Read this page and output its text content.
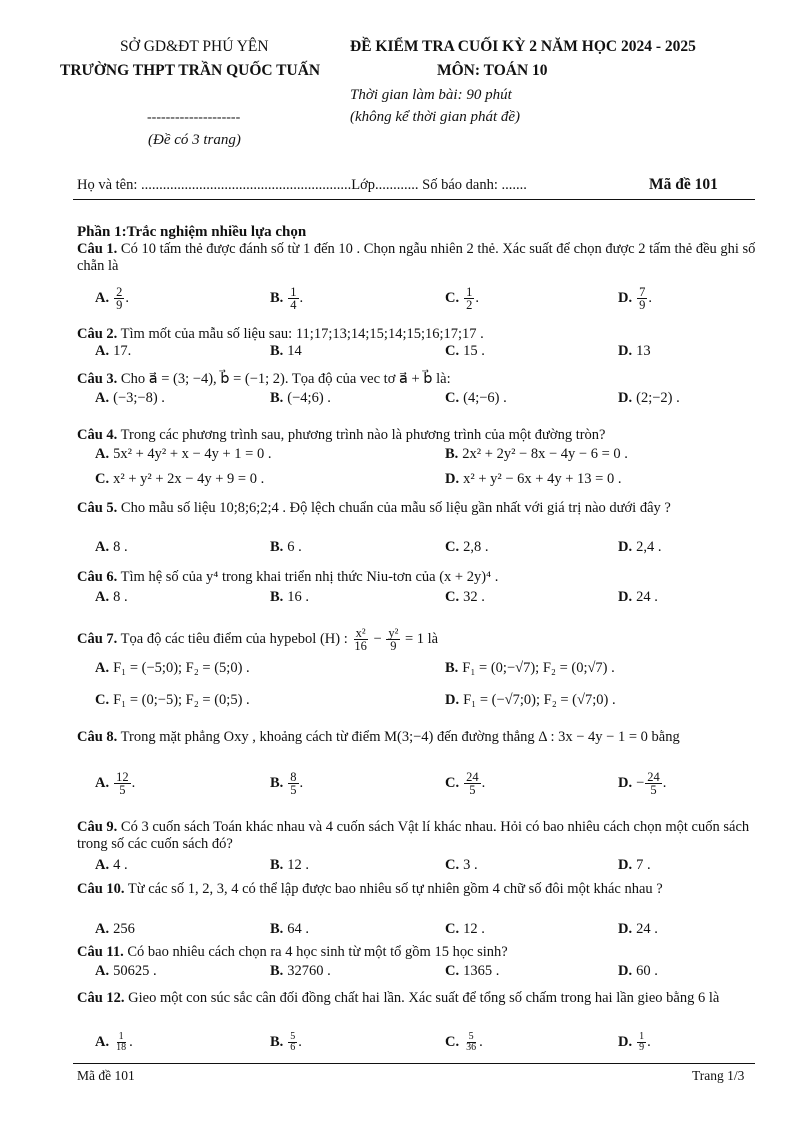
SỞ GD&ĐT PHÚ YÊN
TRƯỜNG THPT TRẦN QUỐC TUẤN
--------------------
(Đề có 3 trang)
ĐỀ KIỂM TRA CUỐI KỲ 2 NĂM HỌC 2024 - 2025
MÔN: TOÁN 10
Thời gian làm bài: 90 phút
(không kể thời gian phát đề)
Họ và tên: ..........................................................Lớp............ Số báo danh: .......	Mã đề 101
Phần 1:Trắc nghiệm nhiều lựa chọn
Câu 1. Có 10 tấm thẻ được đánh số từ 1 đến 10 . Chọn ngẫu nhiên 2 thẻ. Xác suất để chọn được 2 tấm thẻ đều ghi số chẵn là
A. $\frac{2}{9}$ .	B. $\frac{1}{4}$ .	C. $\frac{1}{2}$ .	D. $\frac{7}{9}$ .
Câu 2. Tìm mốt của mẫu số liệu sau: 11;17;13;14;15;14;15;16;17;17 .
A. 17.	B. 14	C. 15 .	D. 13
Câu 3. Cho a⃗ = (3; −4), b⃗ = (−1; 2). Tọa độ của vec tơ a⃗ + b⃗ là:
A. (−3;−8) .	B. (−4;6) .	C. (4;−6) .	D. (2;−2) .
Câu 4. Trong các phương trình sau, phương trình nào là phương trình của một đường tròn?
A. 5x² + 4y² + x − 4y + 1 = 0 .	B. 2x² + 2y² − 8x − 4y − 6 = 0 .
C. x² + y² + 2x − 4y + 9 = 0 .	D. x² + y² − 6x + 4y + 13 = 0 .
Câu 5. Cho mẫu số liệu 10;8;6;2;4 . Độ lệch chuẩn của mẫu số liệu gần nhất với giá trị nào dưới đây ?
A. 8 .	B. 6 .	C. 2,8 .	D. 2,4 .
Câu 6. Tìm hệ số của y⁴ trong khai triển nhị thức Niu-tơn của (x + 2y)⁴ .
A. 8 .	B. 16 .	C. 32 .	D. 24 .
Câu 7. Tọa độ các tiêu điểm của hypebol (H) : $\frac{\text{x²}}{16} - \frac{\text{y²}}{9} = 1$ là
A. F₁ = (−5;0); F₂ = (5;0) .	B. F₁ = (0;−√7); F₂ = (0;√7) .
C. F₁ = (0;−5); F₂ = (0;5) .	D. F₁ = (−√7;0); F₂ = (√7;0) .
Câu 8. Trong mặt phẳng Oxy , khoảng cách từ điểm M(3;−4) đến đường thẳng Δ : 3x − 4y − 1 = 0 bằng
A. $\frac{12}{5}$ .	B. $\frac{8}{5}$ .	C. $\frac{24}{5}$ .	D. − $\frac{24}{5}$ .
Câu 9. Có 3 cuốn sách Toán khác nhau và 4 cuốn sách Vật lí khác nhau. Hỏi có bao nhiêu cách chọn một cuốn sách trong số các cuốn sách đó?
A. 4 .	B. 12 .	C. 3 .	D. 7 .
Câu 10. Từ các số 1, 2, 3, 4 có thể lập được bao nhiêu số tự nhiên gồm 4 chữ số đôi một khác nhau ?
A. 256	B. 64 .	C. 12 .	D. 24 .
Câu 11. Có bao nhiêu cách chọn ra 4 học sinh từ một tổ gồm 15 học sinh?
A. 50625 .	B. 32760 .	C. 1365 .	D. 60 .
Câu 12. Gieo một con súc sắc cân đối đồng chất hai lần. Xác suất để tổng số chấm trong hai lần gieo bằng 6 là
A. $\frac{1}{18}$ .	B. $\frac{5}{6}$ .	C. $\frac{5}{36}$ .	D. $\frac{1}{9}$ .
Mã đề 101	Trang 1/3
